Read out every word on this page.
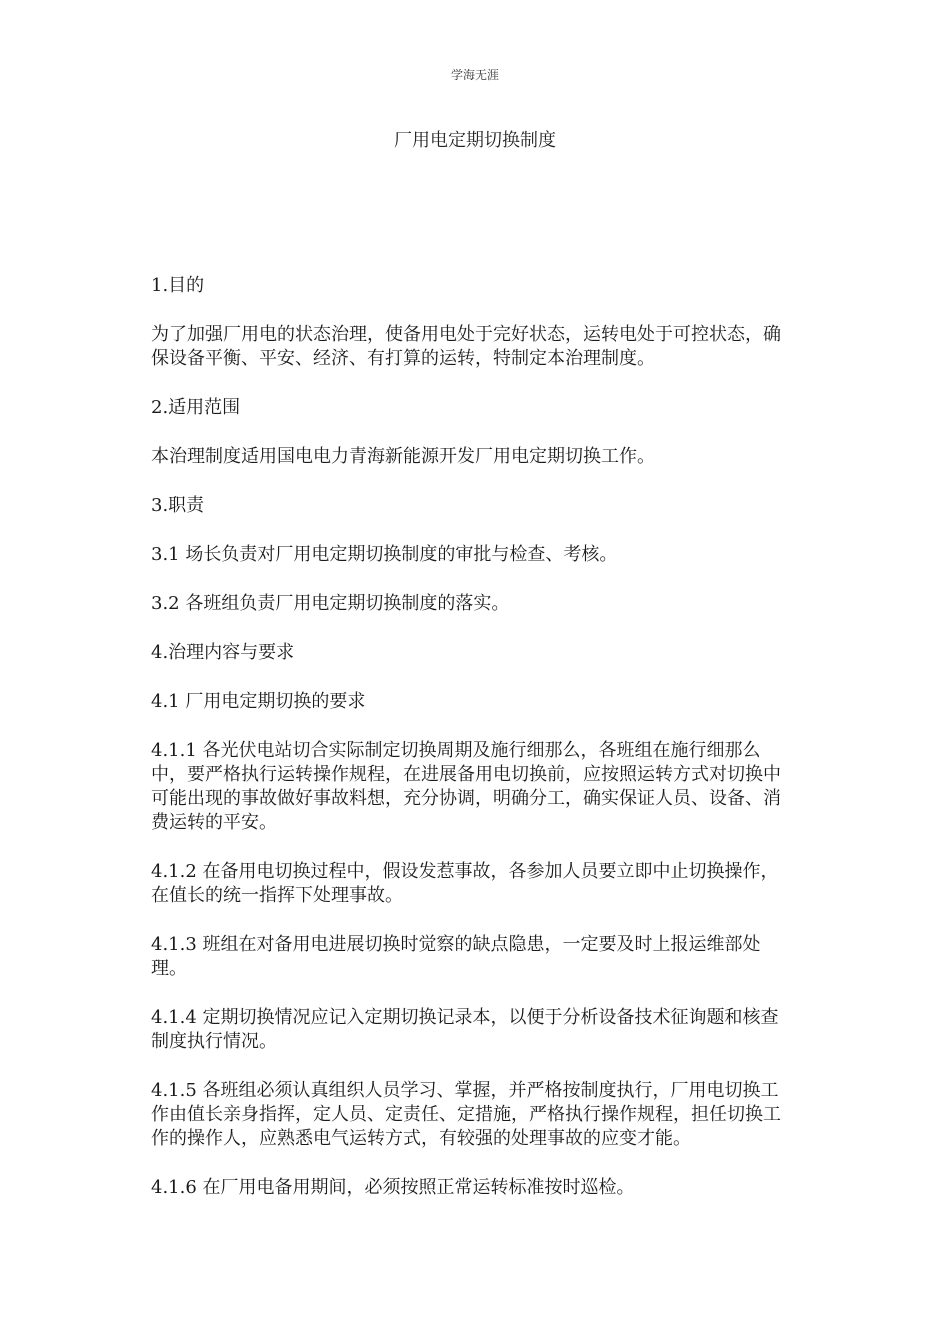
学海无涯
厂用电定期切换制度

1.目的

为了加强厂用电的状态治理，使备用电处于完好状态，运转电处于可控状态，确保设备平衡、平安、经济、有打算的运转，特制定本治理制度。

2.适用范围

本治理制度适用国电电力青海新能源开发厂用电定期切换工作。

3.职责

3.1 场长负责对厂用电定期切换制度的审批与检查、考核。

3.2 各班组负责厂用电定期切换制度的落实。

4.治理内容与要求

4.1 厂用电定期切换的要求

4.1.1 各光伏电站切合实际制定切换周期及施行细那么，各班组在施行细那么中，要严格执行运转操作规程，在进展备用电切换前，应按照运转方式对切换中可能出现的事故做好事故料想，充分协调，明确分工，确实保证人员、设备、消费运转的平安。

4.1.2 在备用电切换过程中，假设发惹事故，各参加人员要立即中止切换操作，在值长的统一指挥下处理事故。

4.1.3 班组在对备用电进展切换时觉察的缺点隐患，一定要及时上报运维部处理。

4.1.4 定期切换情况应记入定期切换记录本，以便于分析设备技术征询题和核查制度执行情况。

4.1.5 各班组必须认真组织人员学习、掌握，并严格按制度执行，厂用电切换工作由值长亲身指挥，定人员、定责任、定措施，严格执行操作规程，担任切换工作的操作人，应熟悉电气运转方式，有较强的处理事故的应变才能。

4.1.6 在厂用电备用期间，必须按照正常运转标准按时巡检。
